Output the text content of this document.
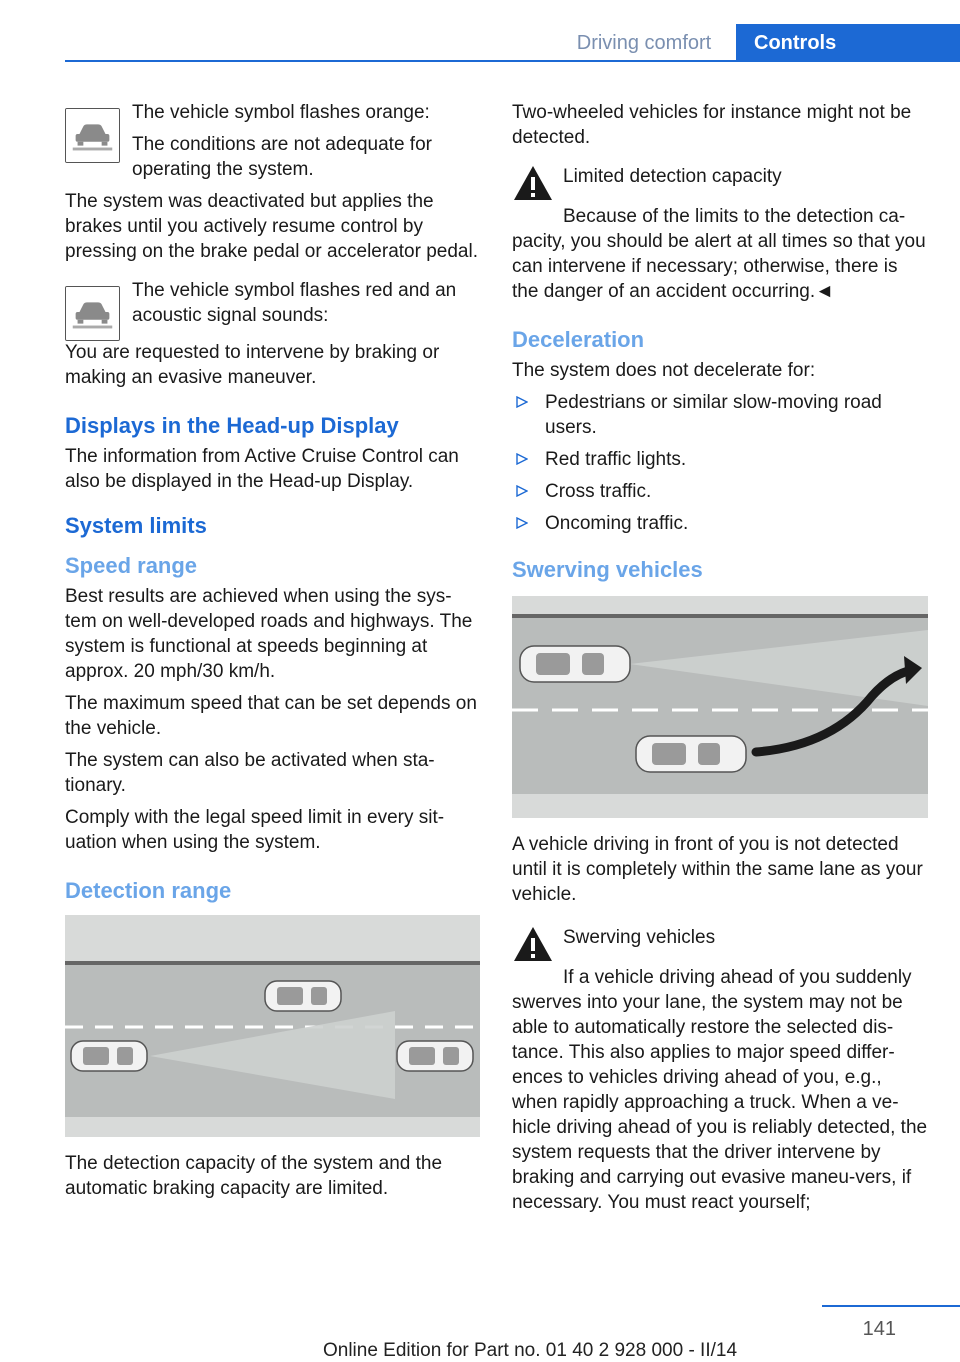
Driving comfort	Controls

The vehicle symbol flashes orange:

The conditions are not adequate for operating the system.

The system was deactivated but applies the brakes until you actively resume control by pressing on the brake pedal or accelerator pedal.

The vehicle symbol flashes red and an acoustic signal sounds:

You are requested to intervene by braking or making an evasive maneuver.

Displays in the Head-up Display

The information from Active Cruise Control can also be displayed in the Head-up Display.

System limits
Speed range

Best results are achieved when using the sys-tem on well-developed roads and highways. The system is functional at speeds beginning at approx. 20 mph/30 km/h.

The maximum speed that can be set depends on the vehicle.

The system can also be activated when sta-tionary.

Comply with the legal speed limit in every sit-uation when using the system.

Detection range

The detection capacity of the system and the automatic braking capacity are limited.

Two-wheeled vehicles for instance might not be detected.

Limited detection capacity

Because of the limits to the detection ca-pacity, you should be alert at all times so that you can intervene if necessary; otherwise, there is the danger of an accident occurring.◄

Deceleration

The system does not decelerate for:

Pedestrians or similar slow-moving road users.
Red traffic lights.
Cross traffic.
Oncoming traffic.
Swerving vehicles

A vehicle driving in front of you is not detected until it is completely within the same lane as your vehicle.

Swerving vehicles

If a vehicle driving ahead of you suddenly swerves into your lane, the system may not be able to automatically restore the selected dis-tance. This also applies to major speed differ-ences to vehicles driving ahead of you, e.g., when rapidly approaching a truck. When a ve-hicle driving ahead of you is reliably detected, the system requests that the driver intervene by braking and carrying out evasive maneu-vers, if necessary. You must react yourself;

141
Online Edition for Part no. 01 40 2 928 000 - II/14
